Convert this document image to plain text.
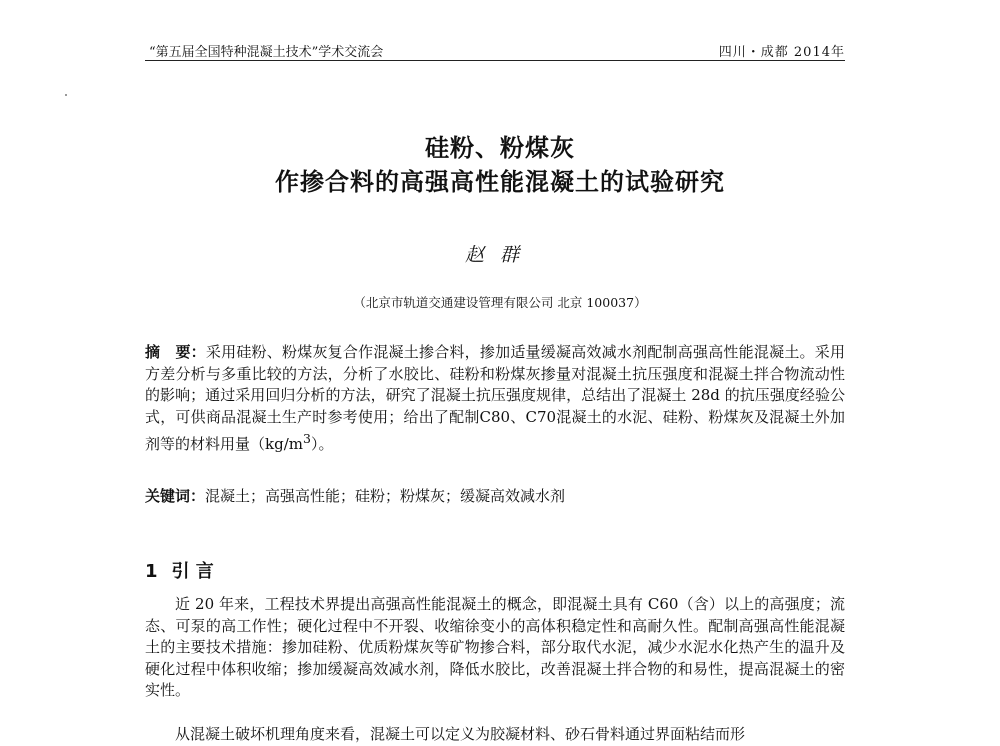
“第五届全国特种混凝土技术”学术交流会	四川・成都 2014年
硅粉、粉煤灰
作掺合料的高强高性能混凝土的试验研究
赵群
（北京市轨道交通建设管理有限公司 北京 100037）

摘　要：采用硅粉、粉煤灰复合作混凝土掺合料，掺加适量缓凝高效减水剂配制高强高性能混凝土。采用方差分析与多重比较的方法，分析了水胶比、硅粉和粉煤灰掺量对混凝土抗压强度和混凝土拌合物流动性的影响；通过采用回归分析的方法，研究了混凝土抗压强度规律，总结出了混凝土 28d 的抗压强度经验公式，可供商品混凝土生产时参考使用；给出了配制C80、C70混凝土的水泥、硅粉、粉煤灰及混凝土外加剂等的材料用量$(kg/m^3)$。

关键词：混凝土；高强高性能；硅粉；粉煤灰；缓凝高效减水剂

1 引 言

近 20 年来，工程技术界提出高强高性能混凝土的概念，即混凝土具有 C60（含）以上的高强度；流态、可泵的高工作性；硬化过程中不开裂、收缩徐变小的高体积稳定性和高耐久性。配制高强高性能混凝土的主要技术措施：掺加硅粉、优质粉煤灰等矿物掺合料，部分取代水泥，减少水泥水化热产生的温升及硬化过程中体积收缩；掺加缓凝高效减水剂，降低水胶比，改善混凝土拌合物的和易性，提高混凝土的密实性。

从混凝土破坏机理角度来看，混凝土可以定义为胶凝材料、砂石骨料通过界面粘结而形
